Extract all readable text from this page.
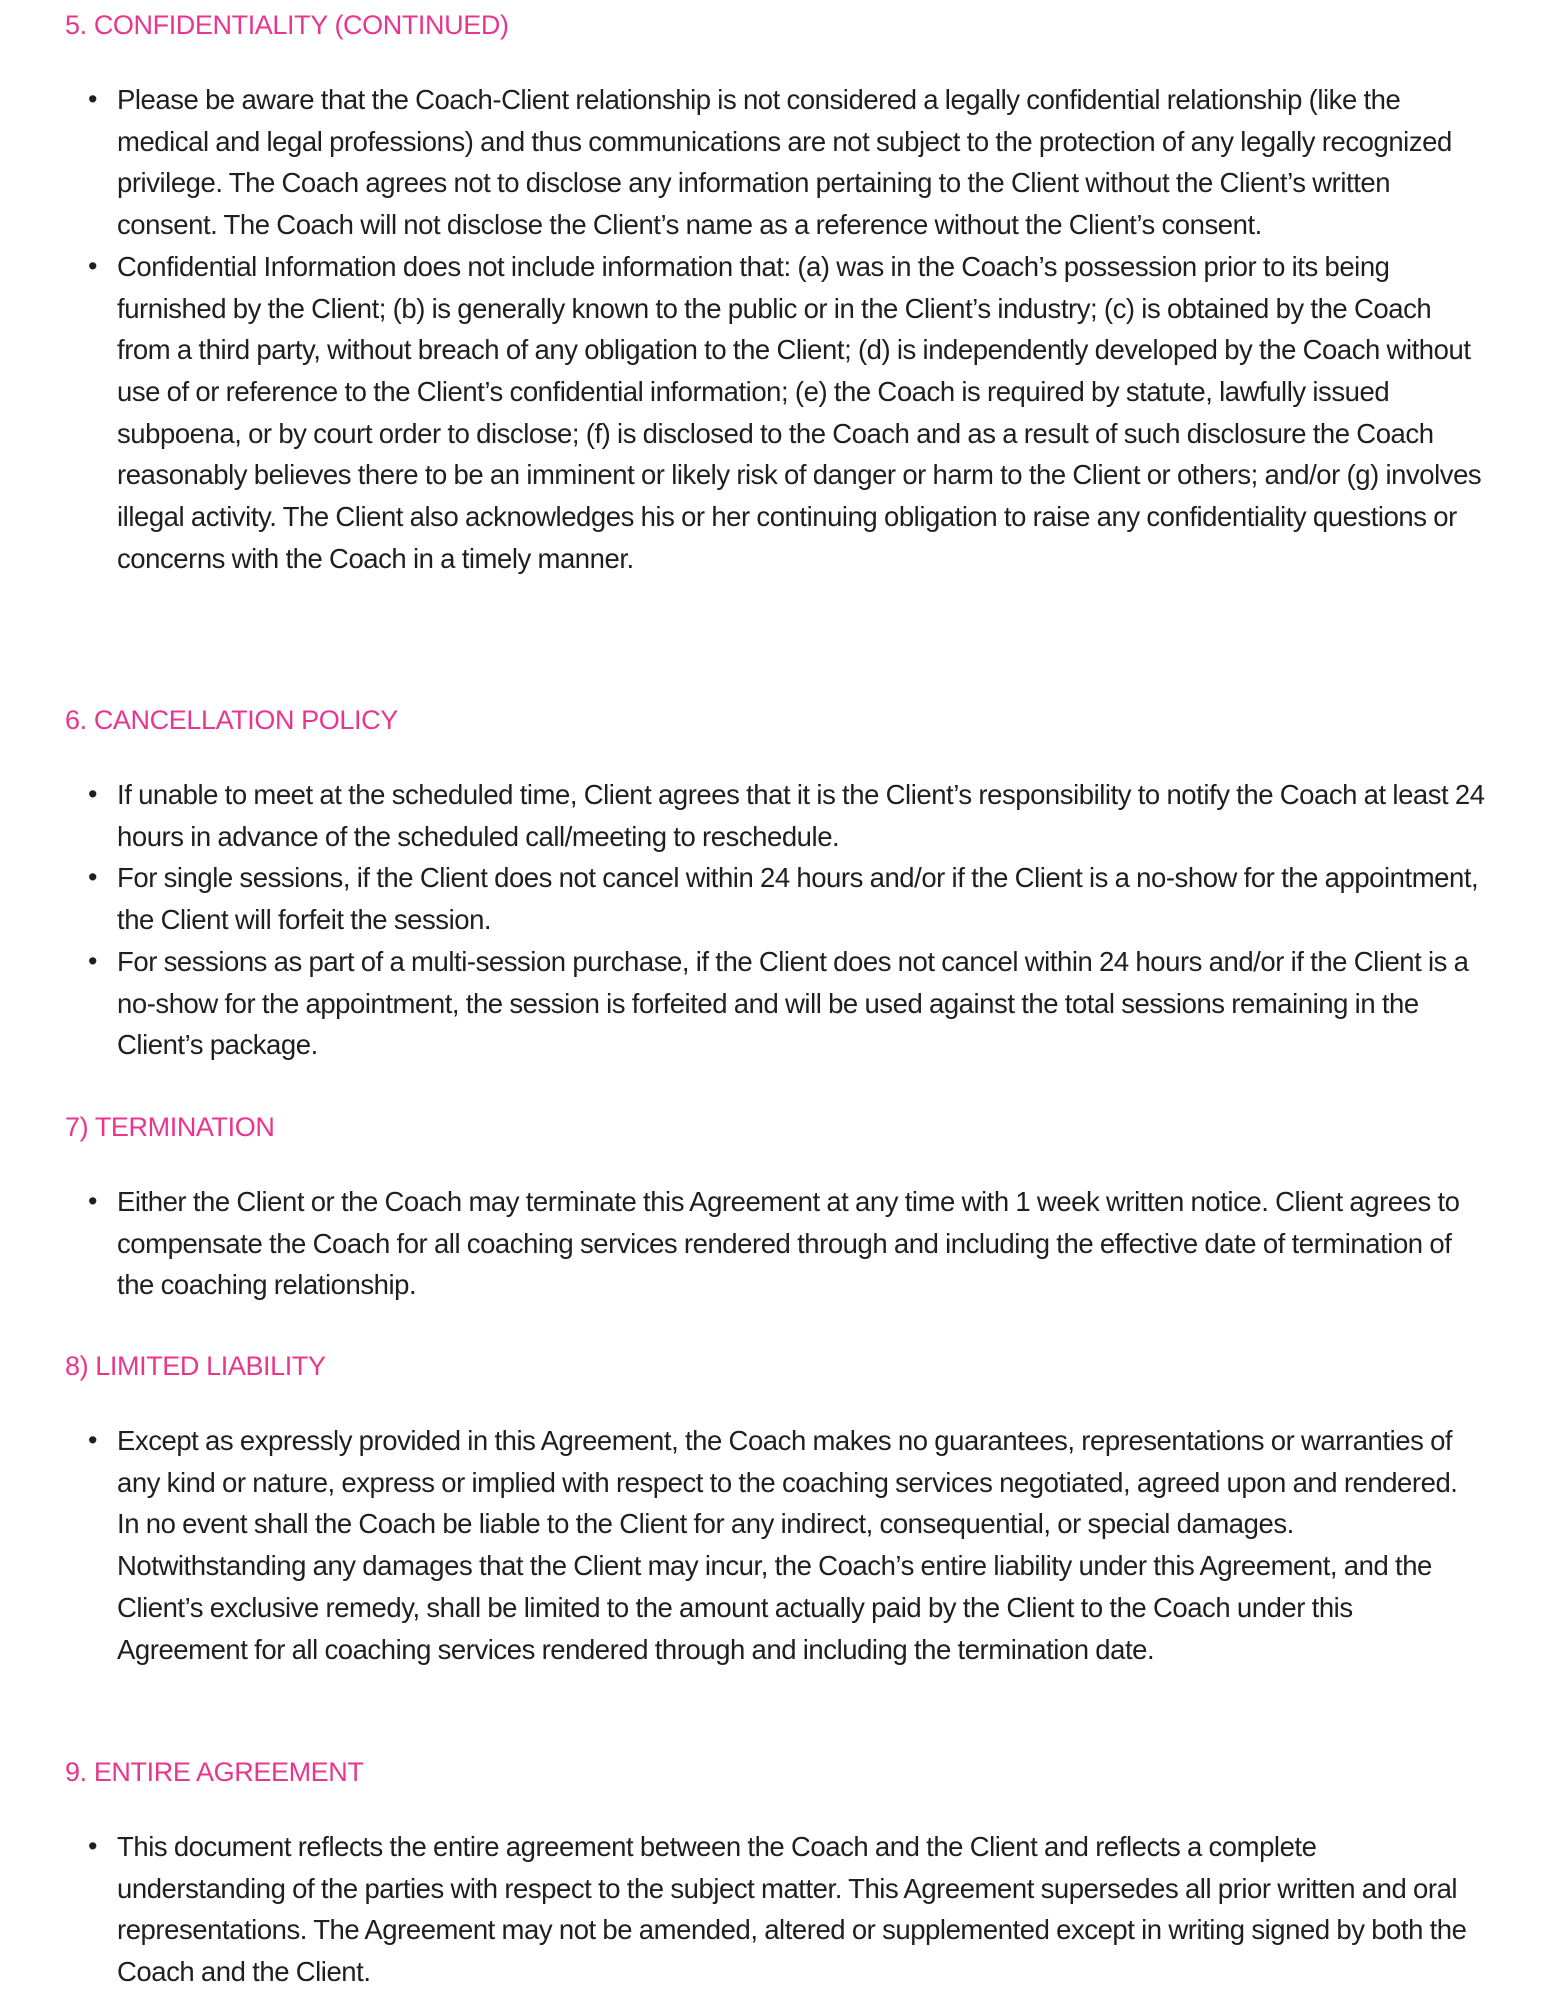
5. CONFIDENTIALITY (CONTINUED)
• Please be aware that the Coach-Client relationship is not considered a legally confidential relationship (like the medical and legal professions) and thus communications are not subject to the protection of any legally recognized privilege. The Coach agrees not to disclose any information pertaining to the Client without the Client’s written consent. The Coach will not disclose the Client’s name as a reference without the Client’s consent.
• Confidential Information does not include information that: (a) was in the Coach’s possession prior to its being furnished by the Client; (b) is generally known to the public or in the Client’s industry; (c) is obtained by the Coach from a third party, without breach of any obligation to the Client; (d) is independently developed by the Coach without use of or reference to the Client’s confidential information; (e) the Coach is required by statute, lawfully issued subpoena, or by court order to disclose; (f) is disclosed to the Coach and as a result of such disclosure the Coach reasonably believes there to be an imminent or likely risk of danger or harm to the Client or others; and/or (g) involves illegal activity. The Client also acknowledges his or her continuing obligation to raise any confidentiality questions or concerns with the Coach in a timely manner.
6. CANCELLATION POLICY
• If unable to meet at the scheduled time, Client agrees that it is the Client’s responsibility to notify the Coach at least 24 hours in advance of the scheduled call/meeting to reschedule.
• For single sessions, if the Client does not cancel within 24 hours and/or if the Client is a no-show for the appointment, the Client will forfeit the session.
• For sessions as part of a multi-session purchase, if the Client does not cancel within 24 hours and/or if the Client is a no-show for the appointment, the session is forfeited and will be used against the total sessions remaining in the Client’s package.
7) TERMINATION
• Either the Client or the Coach may terminate this Agreement at any time with 1 week written notice. Client agrees to compensate the Coach for all coaching services rendered through and including the effective date of termination of the coaching relationship.
8) LIMITED LIABILITY
• Except as expressly provided in this Agreement, the Coach makes no guarantees, representations or warranties of any kind or nature, express or implied with respect to the coaching services negotiated, agreed upon and rendered. In no event shall the Coach be liable to the Client for any indirect, consequential, or special damages. Notwithstanding any damages that the Client may incur, the Coach’s entire liability under this Agreement, and the Client’s exclusive remedy, shall be limited to the amount actually paid by the Client to the Coach under this Agreement for all coaching services rendered through and including the termination date.
9. ENTIRE AGREEMENT
• This document reflects the entire agreement between the Coach and the Client and reflects a complete understanding of the parties with respect to the subject matter. This Agreement supersedes all prior written and oral representations. The Agreement may not be amended, altered or supplemented except in writing signed by both the Coach and the Client.
